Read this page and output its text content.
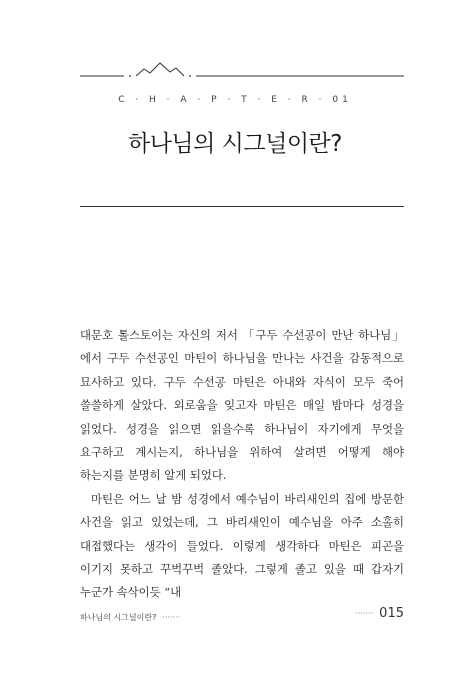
C · H · A · P · T · E · R · 01
하나님의 시그널이란?

대문호 톨스토이는 자신의 저서 「구두 수선공이 만난 하나님」에서 구두 수선공인 마틴이 하나님을 만나는 사건을 감동적으로 묘사하고 있다. 구두 수선공 마틴은 아내와 자식이 모두 죽어 쓸쓸하게 살았다. 외로움을 잊고자 마틴은 매일 밤마다 성경을 읽었다. 성경을 읽으면 읽을수록 하나님이 자기에게 무엇을 요구하고 계시는지, 하나님을 위하여 살려면 어떻게 해야 하는지를 분명히 알게 되었다.

마틴은 어느 날 밤 성경에서 예수님이 바리새인의 집에 방문한 사건을 읽고 있었는데, 그 바리새인이 예수님을 아주 소홀히 대접했다는 생각이 들었다. 이렇게 생각하다 마틴은 피곤을 이기지 못하고 꾸벅꾸벅 졸았다. 그렇게 졸고 있을 때 갑자기 누군가 속삭이듯 “내

하나님의 시그널이란? ·······	······· 015
